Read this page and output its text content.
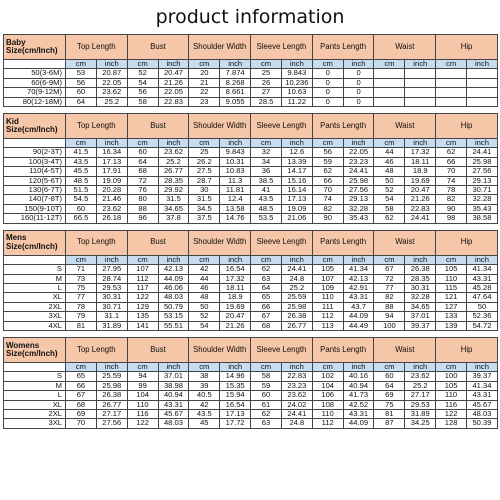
product information
Baby Size(cm/Inch)	Top Length		Bust		Shoulder Width		Sleeve Length		Pants Length		Waist		Hip	
	cm	inch	cm	inch	cm	inch	cm	inch	cm	inch	cm	inch	cm	inch
50(3-6M)	53	20.87	52	20.47	20	7.874	25	9.843	0	0				
60(6-9M)	56	22.05	54	21.26	21	8.268	26	10.236	0	0				
70(9-12M)	60	23.62	56	22.05	22	8.661	27	10.63	0	0				
80(12-18M)	64	25.2	58	22.83	23	9.055	28.5	11.22	0	0				
Kid Size(cm/Inch)	Top Length		Bust		Shoulder Width		Sleeve Length		Pants Length		Waist		Hip	
	cm	inch	cm	inch	cm	inch	cm	inch	cm	inch	cm	inch	cm	inch
90(2-3T)	41.5	16.34	60	23.62	25	9.843	32	12.6	56	22.05	44	17.32	62	24.41
100(3-4T)	43.5	17.13	64	25.2	26.2	10.31	34	13.39	59	23.23	46	18.11	66	25.98
110(4-5T)	45.5	17.91	68	26.77	27.5	10.83	36	14.17	62	24.41	48	18.9	70	27.56
120(5-6T)	48.5	19.09	72	28.35	28.7	11.3	38.5	15.16	66	25.98	50	19.69	74	29.13
130(6-7T)	51.5	20.28	76	29.92	30	11.81	41	16.14	70	27.56	52	20.47	78	30.71
140(7-8T)	54.5	21.46	80	31.5	31.5	12.4	43.5	17.13	74	29.13	54	21.26	82	32.28
150(9-10T)	60	23.62	88	34.65	34.5	13.58	48.5	19.09	82	32.28	58	22.83	90	35.43
160(11-12T)	66.5	26.18	96	37.8	37.5	14.76	53.5	21.06	90	35.43	62	24.41	98	38.58
Mens Size(cm/Inch)	Top Length		Bust		Shoulder Width		Sleeve Length		Pants Length		Waist		Hip	
	cm	inch	cm	inch	cm	inch	cm	inch	cm	inch	cm	inch	cm	inch
S	71	27.95	107	42.13	42	16.54	62	24.41	105	41.34	67	26.38	105	41.34
M	73	28.74	112	44.09	44	17.32	63	24.8	107	42.13	72	28.35	110	43.31
L	75	29.53	117	46.06	46	18.11	64	25.2	109	42.91	77	30.31	115	45.28
XL	77	30.31	122	48.03	48	18.9	65	25.59	110	43.31	82	32.28	121	47.64
2XL	78	30.71	129	50.79	50	19.69	66	25.98	111	43.7	88	34.65	127	50
3XL	79	31.1	135	53.15	52	20.47	67	26.38	112	44.09	94	37.01	133	52.36
4XL	81	31.89	141	55.51	54	21.26	68	26.77	113	44.49	100	39.37	139	54.72
Womens Size(cm/Inch)	Top Length		Bust		Shoulder Width		Sleeve Length		Pants Length		Waist		Hip	
	cm	inch	cm	inch	cm	inch	cm	inch	cm	inch	cm	inch	cm	inch
S	65	25.59	94	37.01	38	14.96	58	22.83	102	40.16	60	23.62	100	39.37
M	66	25.98	99	38.98	39	15.35	59	23.23	104	40.94	64	25.2	105	41.34
L	67	26.38	104	40.94	40.5	15.94	60	23.62	106	41.73	69	27.17	110	43.31
XL	68	26.77	110	43.31	42	16.54	61	24.02	108	42.52	75	29.53	116	45.67
2XL	69	27.17	116	45.67	43.5	17.13	62	24.41	110	43.31	81	31.89	122	48.03
3XL	70	27.56	122	48.03	45	17.72	63	24.8	112	44.09	87	34.25	128	50.39
